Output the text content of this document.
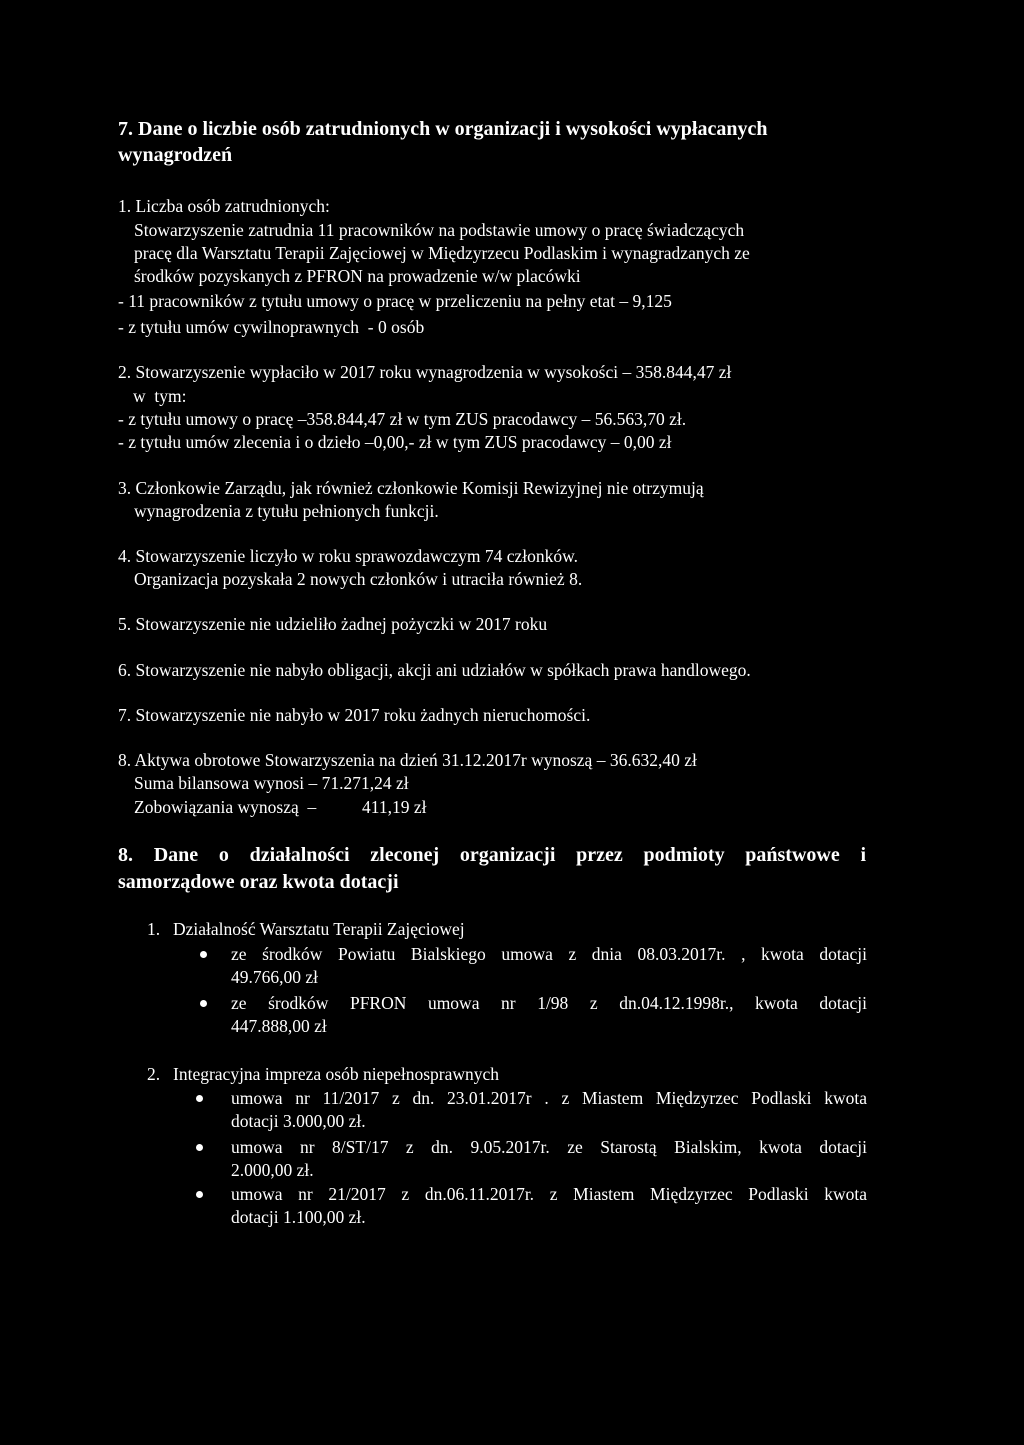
7. Dane o liczbie osób zatrudnionych w organizacji i wysokości wypłacanych
wynagrodzeń
1. Liczba osób zatrudnionych:
Stowarzyszenie zatrudnia 11 pracowników na podstawie umowy o pracę świadczących
pracę dla Warsztatu Terapii Zajęciowej w Międzyrzecu Podlaskim i wynagradzanych ze
środków pozyskanych z PFRON na prowadzenie w/w placówki
- 11 pracowników z tytułu umowy o pracę w przeliczeniu na pełny etat – 9,125
- z tytułu umów cywilnoprawnych  - 0 osób
2. Stowarzyszenie wypłaciło w 2017 roku wynagrodzenia w wysokości – 358.844,47 zł
w  tym:
- z tytułu umowy o pracę –358.844,47 zł w tym ZUS pracodawcy – 56.563,70 zł.
- z tytułu umów zlecenia i o dzieło –0,00,- zł w tym ZUS pracodawcy – 0,00 zł
3. Członkowie Zarządu, jak również członkowie Komisji Rewizyjnej nie otrzymują
wynagrodzenia z tytułu pełnionych funkcji.
4. Stowarzyszenie liczyło w roku sprawozdawczym 74 członków.
Organizacja pozyskała 2 nowych członków i utraciła również 8.
5. Stowarzyszenie nie udzieliło żadnej pożyczki w 2017 roku
6. Stowarzyszenie nie nabyło obligacji, akcji ani udziałów w spółkach prawa handlowego.
7. Stowarzyszenie nie nabyło w 2017 roku żadnych nieruchomości.
8. Aktywa obrotowe Stowarzyszenia na dzień 31.12.2017r wynoszą – 36.632,40 zł
Suma bilansowa wynosi – 71.271,24 zł
Zobowiązania wynoszą  –	411,19 zł
8. Dane o działalności zleconej organizacji przez podmioty państwowe i
samorządowe oraz kwota dotacji
1. Działalność Warsztatu Terapii Zajęciowej
ze środków Powiatu Bialskiego umowa z dnia 08.03.2017r. , kwota dotacji
49.766,00 zł
ze środków PFRON umowa nr 1/98 z dn.04.12.1998r., kwota dotacji
447.888,00 zł
2. Integracyjna impreza osób niepełnosprawnych
umowa nr 11/2017 z dn. 23.01.2017r . z Miastem Międzyrzec Podlaski kwota
dotacji 3.000,00 zł.
umowa nr 8/ST/17 z dn. 9.05.2017r. ze Starostą Bialskim, kwota dotacji
2.000,00 zł.
umowa nr 21/2017 z dn.06.11.2017r. z Miastem Międzyrzec Podlaski kwota
dotacji 1.100,00 zł.
